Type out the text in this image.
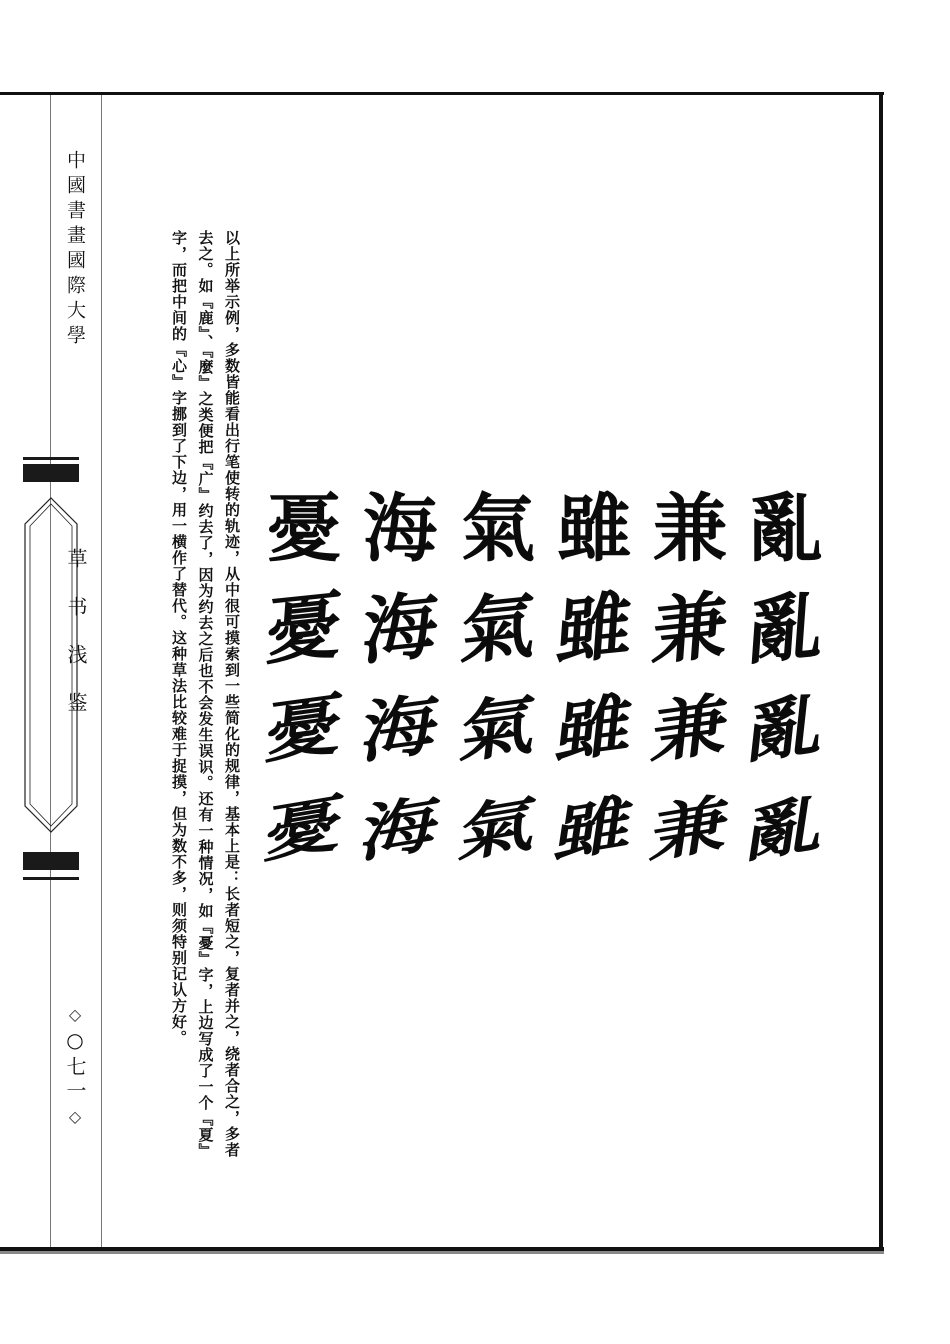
中國書畫國際大學
草书浅鉴
◇
○七一
◇
亂
亂
亂
亂
兼
兼
兼
兼
雖
雖
雖
雖
氣
氣
氣
氣
海
海
海
海
憂
憂
憂
憂

以上所举示例，多数皆能看出行笔使转的轨迹，从中很可摸索到一些简化的规律，基本上是：长者短之，复者并之，绕者合之，多者去之。如『鹿』、『麼』之类便把『广』约去了，因为约去之后也不会发生误识。还有一种情况，如『憂』字，上边写成了一个『夏』字，而把中间的『心』字挪到了下边，用一横作了替代。这种草法比较难于捉摸，但为数不多，则须特别记认方好。
